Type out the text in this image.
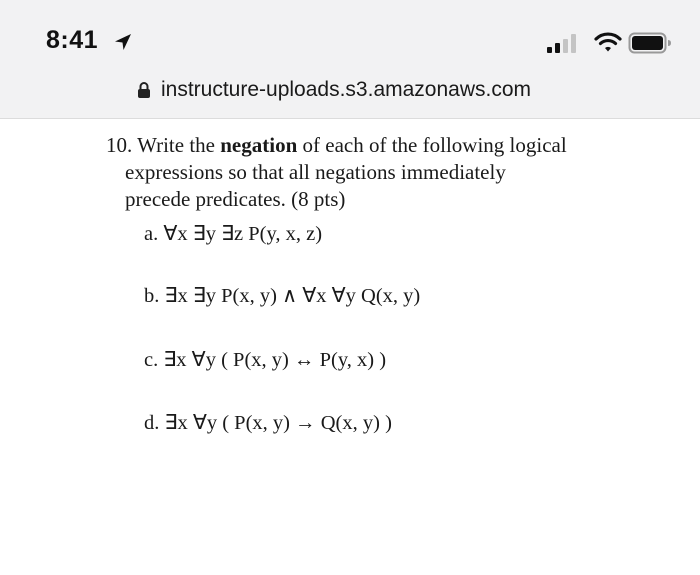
8:41
instructure-uploads.s3.amazonaws.com
10. Write the negation of each of the following logical
expressions so that all negations immediately
precede predicates. (8 pts)
a. ∀x ∃y ∃z P(y, x, z)
b. ∃x ∃y P(x, y) ∧ ∀x ∀y Q(x, y)
c. ∃x ∀y ( P(x, y) ↔ P(y, x) )
d. ∃x ∀y ( P(x, y) → Q(x, y) )
